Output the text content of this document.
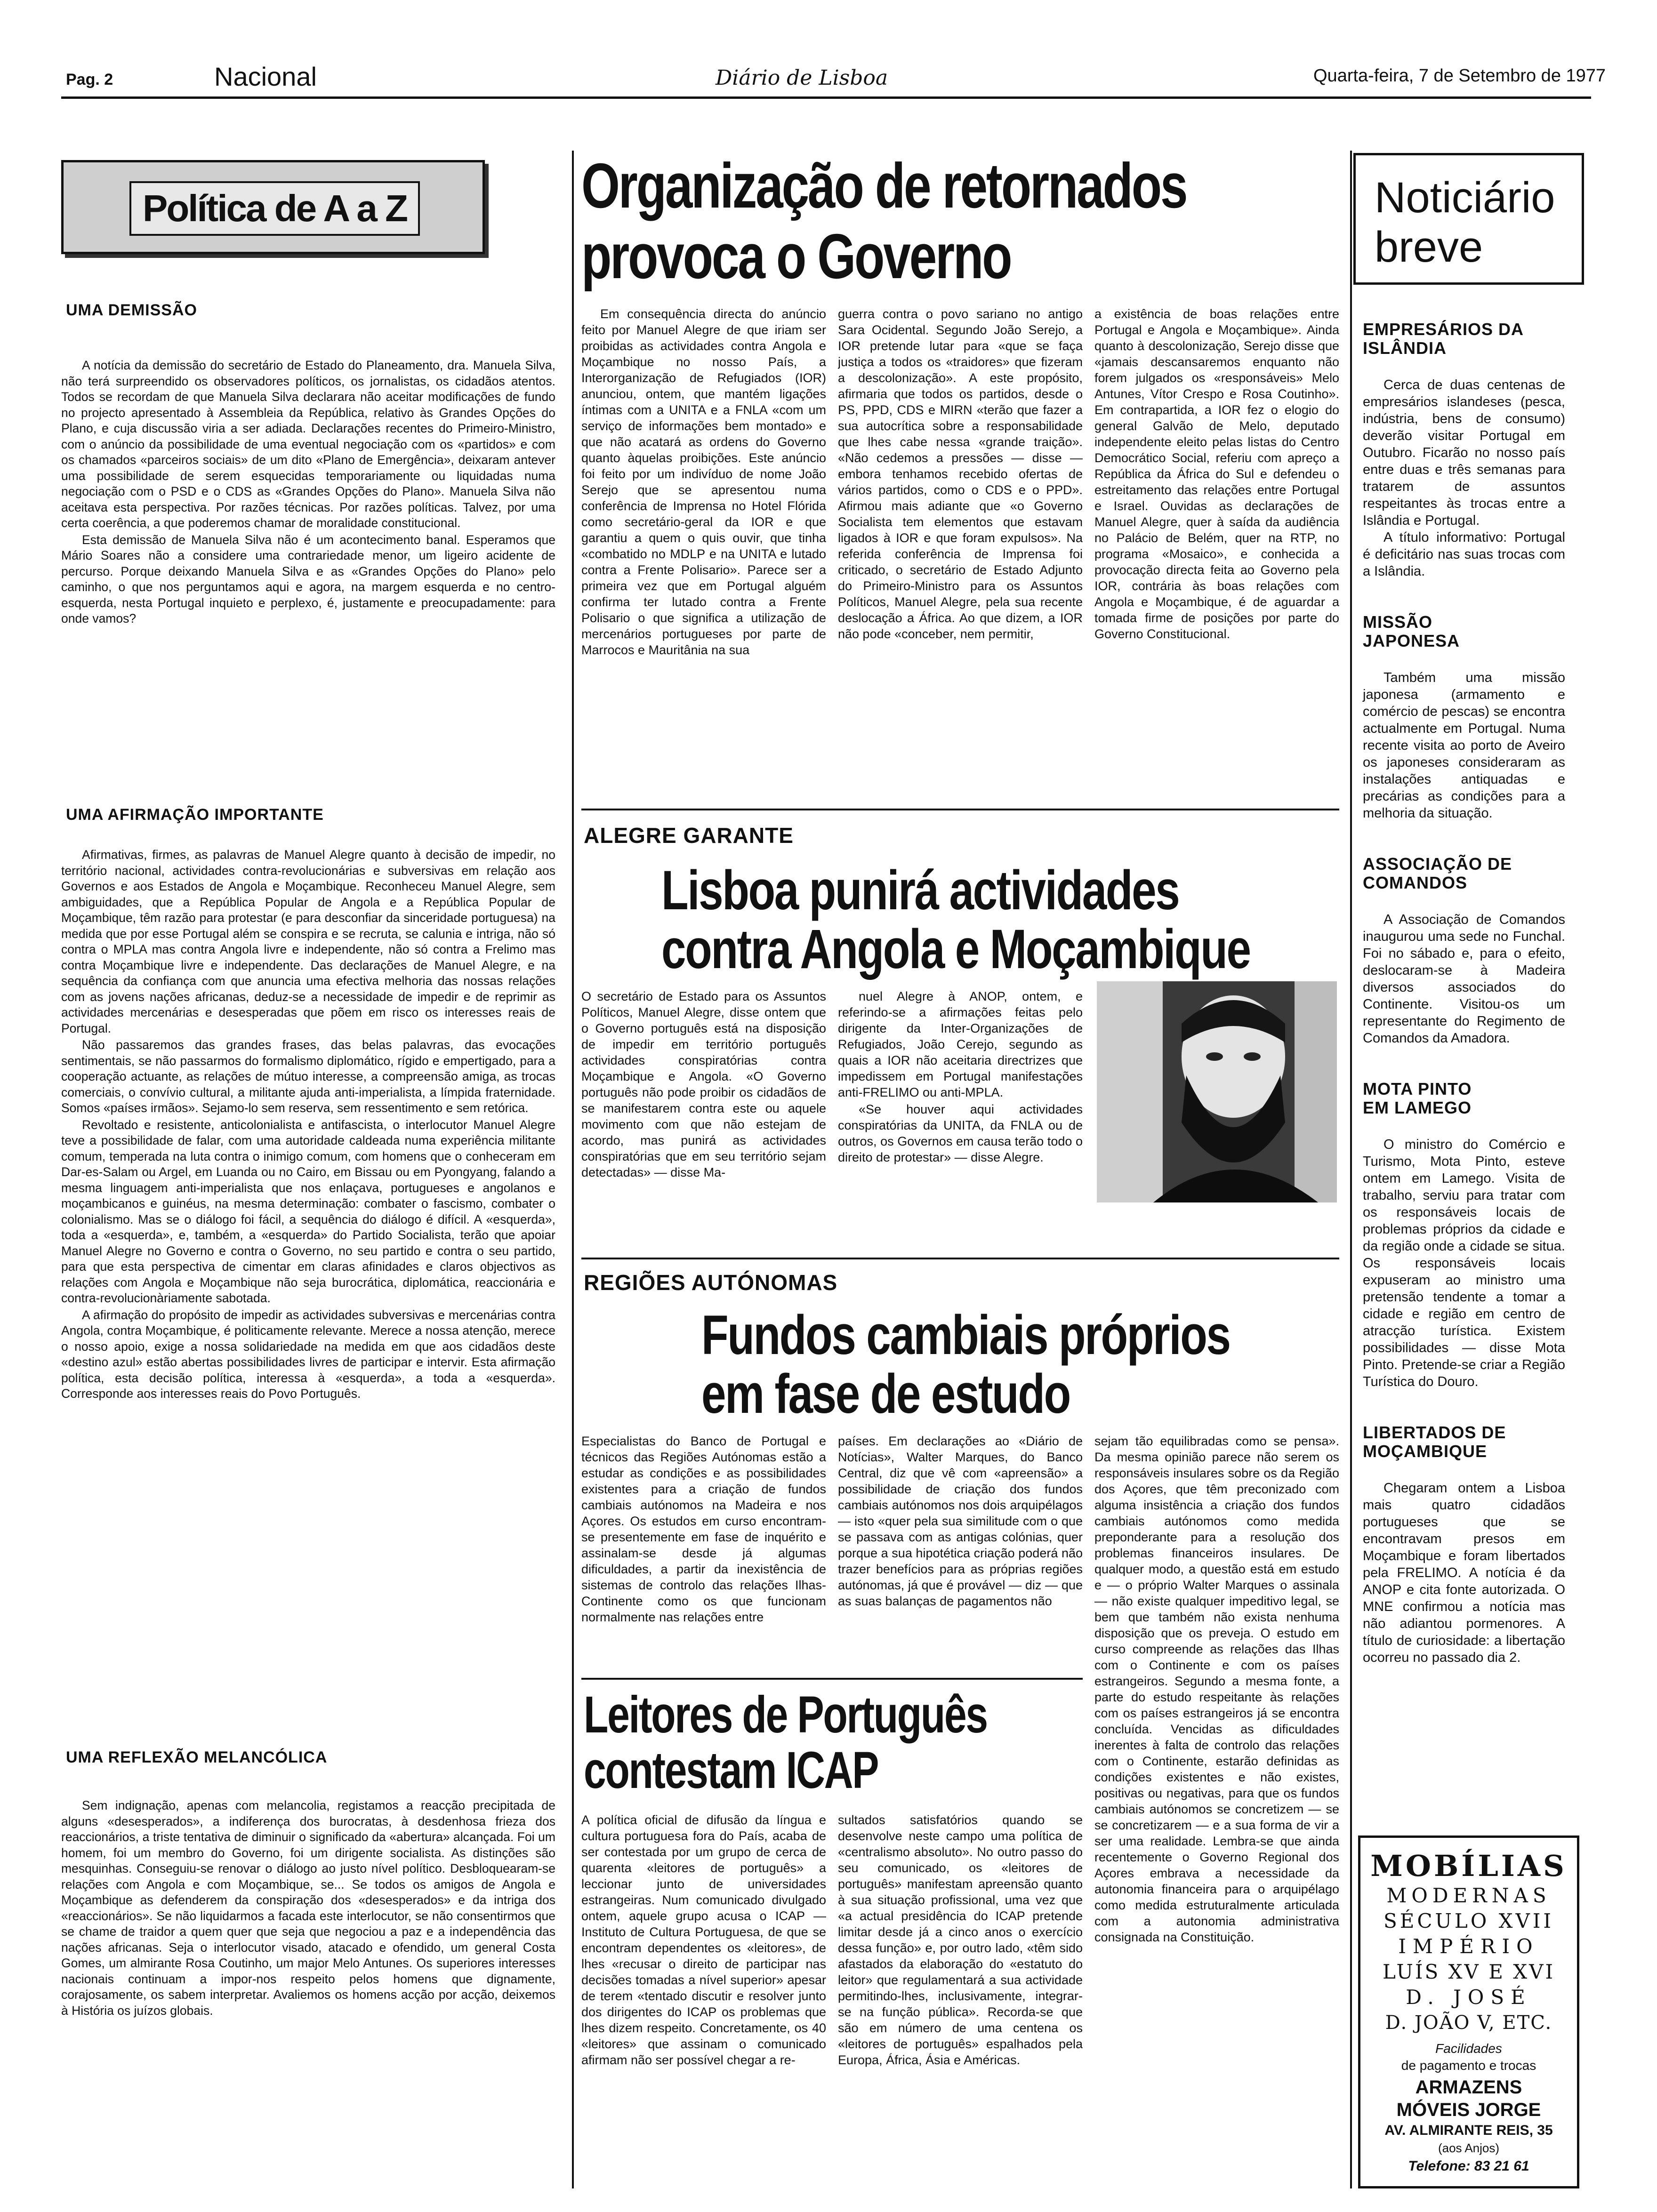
Pag. 2	Nacional	Diário de Lisboa	Quarta-feira, 7 de Setembro de 1977
Política de A a Z
UMA DEMISSÃO

A notícia da demissão do secretário de Estado do Planeamento, dra. Manuela Silva, não terá surpreendido os observadores políticos, os jornalistas, os cidadãos atentos. Todos se recordam de que Manuela Silva declarara não aceitar modificações de fundo no projecto apresentado à Assembleia da República, relativo às Grandes Opções do Plano, e cuja discussão viria a ser adiada. Declarações recentes do Primeiro-Ministro, com o anúncio da possibilidade de uma eventual negociação com os «partidos» e com os chamados «parceiros sociais» de um dito «Plano de Emergência», deixaram antever uma possibilidade de serem esquecidas temporariamente ou liquidadas numa negociação com o PSD e o CDS as «Grandes Opções do Plano». Manuela Silva não aceitava esta perspectiva. Por razões técnicas. Por razões políticas. Talvez, por uma certa coerência, a que poderemos chamar de moralidade constitucional.

Esta demissão de Manuela Silva não é um acontecimento banal. Esperamos que Mário Soares não a considere uma contrariedade menor, um ligeiro acidente de percurso. Porque deixando Manuela Silva e as «Grandes Opções do Plano» pelo caminho, o que nos perguntamos aqui e agora, na margem esquerda e no centro-esquerda, nesta Portugal inquieto e perplexo, é, justamente e preocupadamente: para onde vamos?

UMA AFIRMAÇÃO IMPORTANTE

Afirmativas, firmes, as palavras de Manuel Alegre quanto à decisão de impedir, no território nacional, actividades contra-revolucionárias e subversivas em relação aos Governos e aos Estados de Angola e Moçambique. Reconheceu Manuel Alegre, sem ambiguidades, que a República Popular de Angola e a República Popular de Moçambique, têm razão para protestar (e para desconfiar da sinceridade portuguesa) na medida que por esse Portugal além se conspira e se recruta, se calunia e intriga, não só contra o MPLA mas contra Angola livre e independente, não só contra a Frelimo mas contra Moçambique livre e independente. Das declarações de Manuel Alegre, e na sequência da confiança com que anuncia uma efectiva melhoria das nossas relações com as jovens nações africanas, deduz-se a necessidade de impedir e de reprimir as actividades mercenárias e desesperadas que põem em risco os interesses reais de Portugal.

Não passaremos das grandes frases, das belas palavras, das evocações sentimentais, se não passarmos do formalismo diplomático, rígido e empertigado, para a cooperação actuante, as relações de mútuo interesse, a compreensão amiga, as trocas comerciais, o convívio cultural, a militante ajuda anti-imperialista, a límpida fraternidade. Somos «países irmãos». Sejamo-lo sem reserva, sem ressentimento e sem retórica.

Revoltado e resistente, anticolonialista e antifascista, o interlocutor Manuel Alegre teve a possibilidade de falar, com uma autoridade caldeada numa experiência militante comum, temperada na luta contra o inimigo comum, com homens que o conheceram em Dar-es-Salam ou Argel, em Luanda ou no Cairo, em Bissau ou em Pyongyang, falando a mesma linguagem anti-imperialista que nos enlaçava, portugueses e angolanos e moçambicanos e guinéus, na mesma determinação: combater o fascismo, combater o colonialismo. Mas se o diálogo foi fácil, a sequência do diálogo é difícil. A «esquerda», toda a «esquerda», e, também, a «esquerda» do Partido Socialista, terão que apoiar Manuel Alegre no Governo e contra o Governo, no seu partido e contra o seu partido, para que esta perspectiva de cimentar em claras afinidades e claros objectivos as relações com Angola e Moçambique não seja burocrática, diplomática, reaccionária e contra-revolucionàriamente sabotada.

A afirmação do propósito de impedir as actividades subversivas e mercenárias contra Angola, contra Moçambique, é politicamente relevante. Merece a nossa atenção, merece o nosso apoio, exige a nossa solidariedade na medida em que aos cidadãos deste «destino azul» estão abertas possibilidades livres de participar e intervir. Esta afirmação política, esta decisão política, interessa à «esquerda», a toda a «esquerda». Corresponde aos interesses reais do Povo Português.

UMA REFLEXÃO MELANCÓLICA

Sem indignação, apenas com melancolia, registamos a reacção precipitada de alguns «desesperados», a indiferença dos burocratas, à desdenhosa frieza dos reaccionários, a triste tentativa de diminuir o significado da «abertura» alcançada. Foi um homem, foi um membro do Governo, foi um dirigente socialista. As distinções são mesquinhas. Conseguiu-se renovar o diálogo ao justo nível político. Desbloquearam-se relações com Angola e com Moçambique, se... Se todos os amigos de Angola e Moçambique as defenderem da conspiração dos «desesperados» e da intriga dos «reaccionários». Se não liquidarmos a facada este interlocutor, se não consentirmos que se chame de traidor a quem quer que seja que negociou a paz e a independência das nações africanas. Seja o interlocutor visado, atacado e ofendido, um general Costa Gomes, um almirante Rosa Coutinho, um major Melo Antunes. Os superiores interesses nacionais continuam a impor-nos respeito pelos homens que dignamente, corajosamente, os sabem interpretar. Avaliemos os homens acção por acção, deixemos à História os juízos globais.

Organização de retornados
provoca o Governo
Em consequência directa do anúncio feito por Manuel Alegre de que iriam ser proibidas as actividades contra Angola e Moçambique no nosso País, a Interorganização de Refugiados (IOR) anunciou, ontem, que mantém ligações íntimas com a UNITA e a FNLA «com um serviço de informações bem montado» e que não acatará as ordens do Governo quanto àquelas proibições. Este anúncio foi feito por um indivíduo de nome João Serejo que se apresentou numa conferência de Imprensa no Hotel Flórida como secretário-geral da IOR e que garantiu a quem o quis ouvir, que tinha «combatido no MDLP e na UNITA e lutado contra a Frente Polisario». Parece ser a primeira vez que em Portugal alguém confirma ter lutado contra a Frente Polisario o que significa a utilização de mercenários portugueses por parte de Marrocos e Mauritânia na sua
guerra contra o povo sariano no antigo Sara Ocidental. Segundo João Serejo, a IOR pretende lutar para «que se faça justiça a todos os «traidores» que fizeram a descolonização». A este propósito, afirmaria que todos os partidos, desde o PS, PPD, CDS e MIRN «terão que fazer a sua autocrítica sobre a responsabilidade que lhes cabe nessa «grande traição». «Não cedemos a pressões — disse — embora tenhamos recebido ofertas de vários partidos, como o CDS e o PPD». Afirmou mais adiante que «o Governo Socialista tem elementos que estavam ligados à IOR e que foram expulsos». Na referida conferência de Imprensa foi criticado, o secretário de Estado Adjunto do Primeiro-Ministro para os Assuntos Políticos, Manuel Alegre, pela sua recente deslocação a África. Ao que dizem, a IOR não pode «conceber, nem permitir,
a existência de boas relações entre Portugal e Angola e Moçambique». Ainda quanto à descolonização, Serejo disse que «jamais descansaremos enquanto não forem julgados os «responsáveis» Melo Antunes, Vítor Crespo e Rosa Coutinho». Em contrapartida, a IOR fez o elogio do general Galvão de Melo, deputado independente eleito pelas listas do Centro Democrático Social, referiu com apreço a República da África do Sul e defendeu o estreitamento das relações entre Portugal e Israel. Ouvidas as declarações de Manuel Alegre, quer à saída da audiência no Palácio de Belém, quer na RTP, no programa «Mosaico», e conhecida a provocação directa feita ao Governo pela IOR, contrária às boas relações com Angola e Moçambique, é de aguardar a tomada firme de posições por parte do Governo Constitucional.
ALEGRE GARANTE
Lisboa punirá actividades
contra Angola e Moçambique
O secretário de Estado para os Assuntos Políticos, Manuel Alegre, disse ontem que o Governo português está na disposição de impedir em território português actividades conspiratórias contra Moçambique e Angola. «O Governo português não pode proibir os cidadãos de se manifestarem contra este ou aquele movimento com que não estejam de acordo, mas punirá as actividades conspiratórias que em seu território sejam detectadas» — disse Ma-

nuel Alegre à ANOP, ontem, e referindo-se a afirmações feitas pelo dirigente da Inter-Organizações de Refugiados, João Cerejo, segundo as quais a IOR não aceitaria directrizes que impedissem em Portugal manifestações anti-FRELIMO ou anti-MPLA.

«Se houver aqui actividades conspiratórias da UNITA, da FNLA ou de outros, os Governos em causa terão todo o direito de protestar» — disse Alegre.

REGIÕES AUTÓNOMAS
Fundos cambiais próprios
em fase de estudo
Especialistas do Banco de Portugal e técnicos das Regiões Autónomas estão a estudar as condições e as possibilidades existentes para a criação de fundos cambiais autónomos na Madeira e nos Açores. Os estudos em curso encontram-se presentemente em fase de inquérito e assinalam-se desde já algumas dificuldades, a partir da inexistência de sistemas de controlo das relações Ilhas-Continente como os que funcionam normalmente nas relações entre
países. Em declarações ao «Diário de Notícias», Walter Marques, do Banco Central, diz que vê com «apreensão» a possibilidade de criação dos fundos cambiais autónomos nos dois arquipélagos — isto «quer pela sua similitude com o que se passava com as antigas colónias, quer porque a sua hipotética criação poderá não trazer benefícios para as próprias regiões autónomas, já que é provável — diz — que as suas balanças de pagamentos não
sejam tão equilibradas como se pensa». Da mesma opinião parece não serem os responsáveis insulares sobre os da Região dos Açores, que têm preconizado com alguma insistência a criação dos fundos cambiais autónomos como medida preponderante para a resolução dos problemas financeiros insulares. De qualquer modo, a questão está em estudo e — o próprio Walter Marques o assinala — não existe qualquer impeditivo legal, se bem que também não exista nenhuma disposição que os preveja. O estudo em curso compreende as relações das Ilhas com o Continente e com os países estrangeiros. Segundo a mesma fonte, a parte do estudo respeitante às relações com os países estrangeiros já se encontra concluída. Vencidas as dificuldades inerentes à falta de controlo das relações com o Continente, estarão definidas as condições existentes e não existes, positivas ou negativas, para que os fundos cambiais autónomos se concretizem — se se concretizarem — e a sua forma de vir a ser uma realidade. Lembra-se que ainda recentemente o Governo Regional dos Açores embrava a necessidade da autonomia financeira para o arquipélago como medida estruturalmente articulada com a autonomia administrativa consignada na Constituição.
Leitores de Português
contestam ICAP
A política oficial de difusão da língua e cultura portuguesa fora do País, acaba de ser contestada por um grupo de cerca de quarenta «leitores de português» a leccionar junto de universidades estrangeiras. Num comunicado divulgado ontem, aquele grupo acusa o ICAP — Instituto de Cultura Portuguesa, de que se encontram dependentes os «leitores», de lhes «recusar o direito de participar nas decisões tomadas a nível superior» apesar de terem «tentado discutir e resolver junto dos dirigentes do ICAP os problemas que lhes dizem respeito. Concretamente, os 40 «leitores» que assinam o comunicado afirmam não ser possível chegar a re-
sultados satisfatórios quando se desenvolve neste campo uma política de «centralismo absoluto». No outro passo do seu comunicado, os «leitores de português» manifestam apreensão quanto à sua situação profissional, uma vez que «a actual presidência do ICAP pretende limitar desde já a cinco anos o exercício dessa função» e, por outro lado, «têm sido afastados da elaboração do «estatuto do leitor» que regulamentará a sua actividade permitindo-lhes, inclusivamente, integrar-se na função pública». Recorda-se que são em número de uma centena os «leitores de português» espalhados pela Europa, África, Ásia e Américas.
Noticiário
breve
EMPRESÁRIOS DA ISLÂNDIA

Cerca de duas centenas de empresários islandeses (pesca, indústria, bens de consumo) deverão visitar Portugal em Outubro. Ficarão no nosso país entre duas e três semanas para tratarem de assuntos respeitantes às trocas entre a Islândia e Portugal.

A título informativo: Portugal é deficitário nas suas trocas com a Islândia.

MISSÃO JAPONESA

Também uma missão japonesa (armamento e comércio de pescas) se encontra actualmente em Portugal. Numa recente visita ao porto de Aveiro os japoneses consideraram as instalações antiquadas e precárias as condições para a melhoria da situação.

ASSOCIAÇÃO DE COMANDOS

A Associação de Comandos inaugurou uma sede no Funchal. Foi no sábado e, para o efeito, deslocaram-se à Madeira diversos associados do Continente. Visitou-os um representante do Regimento de Comandos da Amadora.

MOTA PINTO EM LAMEGO

O ministro do Comércio e Turismo, Mota Pinto, esteve ontem em Lamego. Visita de trabalho, serviu para tratar com os responsáveis locais de problemas próprios da cidade e da região onde a cidade se situa. Os responsáveis locais expuseram ao ministro uma pretensão tendente a tomar a cidade e região em centro de atracção turística. Existem possibilidades — disse Mota Pinto. Pretende-se criar a Região Turística do Douro.

LIBERTADOS DE MOÇAMBIQUE

Chegaram ontem a Lisboa mais quatro cidadãos portugueses que se encontravam presos em Moçambique e foram libertados pela FRELIMO. A notícia é da ANOP e cita fonte autorizada. O MNE confirmou a notícia mas não adiantou pormenores. A título de curiosidade: a libertação ocorreu no passado dia 2.

MOBÍLIAS
MODERNAS
SÉCULO XVII
IMPÉRIO
LUÍS XV E XVI
D. JOSÉ
D. JOÃO V, ETC.
Facilidades
de pagamento e trocas
ARMAZENS
MÓVEIS JORGE
AV. ALMIRANTE REIS, 35
(aos Anjos)
Telefone: 83 21 61
